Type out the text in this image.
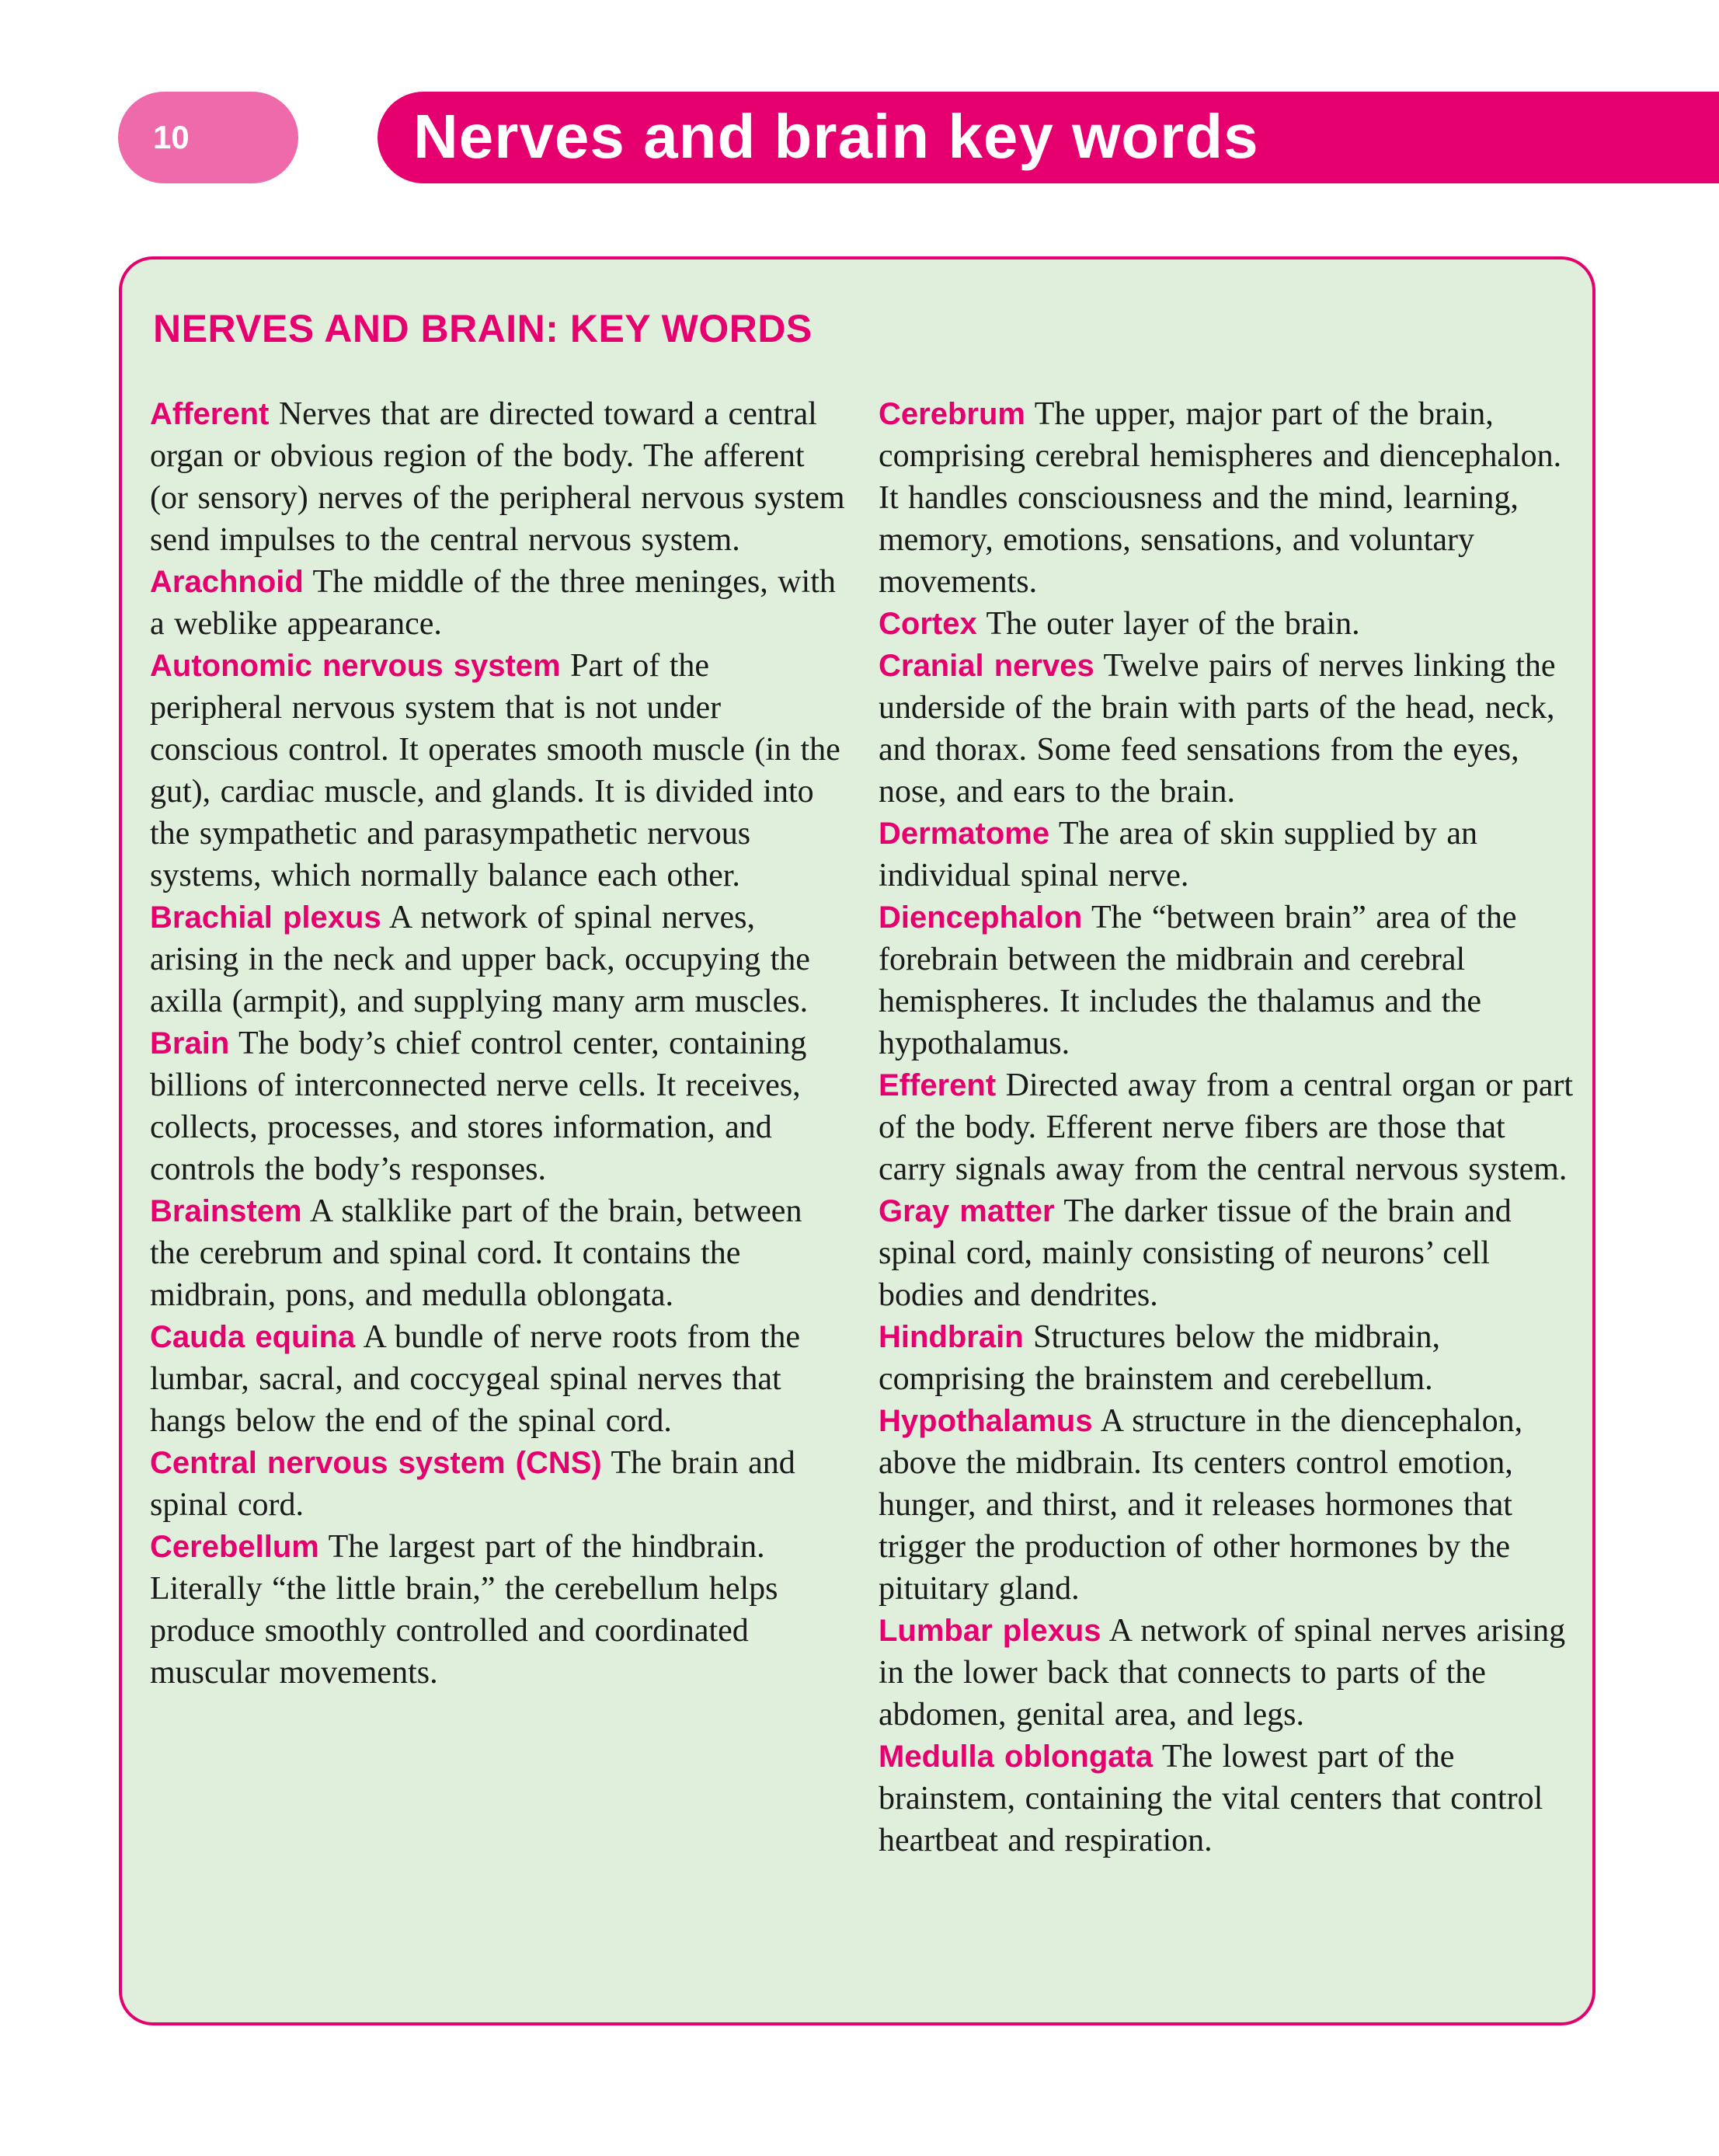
10	Nerves and brain key words
NERVES AND BRAIN: KEY WORDS

Afferent Nerves that are directed toward a central organ or obvious region of the body. The afferent (or sensory) nerves of the peripheral nervous system send impulses to the central nervous system.

Arachnoid The middle of the three meninges, with a weblike appearance.

Autonomic nervous system Part of the peripheral nervous system that is not under conscious control. It operates smooth muscle (in the gut), cardiac muscle, and glands. It is divided into the sympathetic and parasympathetic nervous systems, which normally balance each other.

Brachial plexus A network of spinal nerves, arising in the neck and upper back, occupying the axilla (armpit), and supplying many arm muscles.

Brain The body’s chief control center, containing billions of interconnected nerve cells. It receives, collects, processes, and stores information, and controls the body’s responses.

Brainstem A stalklike part of the brain, between the cerebrum and spinal cord. It contains the midbrain, pons, and medulla oblongata.

Cauda equina A bundle of nerve roots from the lumbar, sacral, and coccygeal spinal nerves that hangs below the end of the spinal cord.

Central nervous system (CNS) The brain and spinal cord.

Cerebellum The largest part of the hindbrain. Literally “the little brain,” the cerebellum helps produce smoothly controlled and coordinated muscular movements.

Cerebrum The upper, major part of the brain, comprising cerebral hemispheres and diencephalon. It handles consciousness and the mind, learning, memory, emotions, sensations, and voluntary movements.

Cortex The outer layer of the brain.

Cranial nerves Twelve pairs of nerves linking the underside of the brain with parts of the head, neck, and thorax. Some feed sensations from the eyes, nose, and ears to the brain.

Dermatome The area of skin supplied by an individual spinal nerve.

Diencephalon The “between brain” area of the forebrain between the midbrain and cerebral hemispheres. It includes the thalamus and the hypothalamus.

Efferent Directed away from a central organ or part of the body. Efferent nerve fibers are those that carry signals away from the central nervous system.

Gray matter The darker tissue of the brain and spinal cord, mainly consisting of neurons’ cell bodies and dendrites.

Hindbrain Structures below the midbrain, comprising the brainstem and cerebellum.

Hypothalamus A structure in the diencephalon, above the midbrain. Its centers control emotion, hunger, and thirst, and it releases hormones that trigger the production of other hormones by the pituitary gland.

Lumbar plexus A network of spinal nerves arising in the lower back that connects to parts of the abdomen, genital area, and legs.

Medulla oblongata The lowest part of the brainstem, containing the vital centers that control heartbeat and respiration.
